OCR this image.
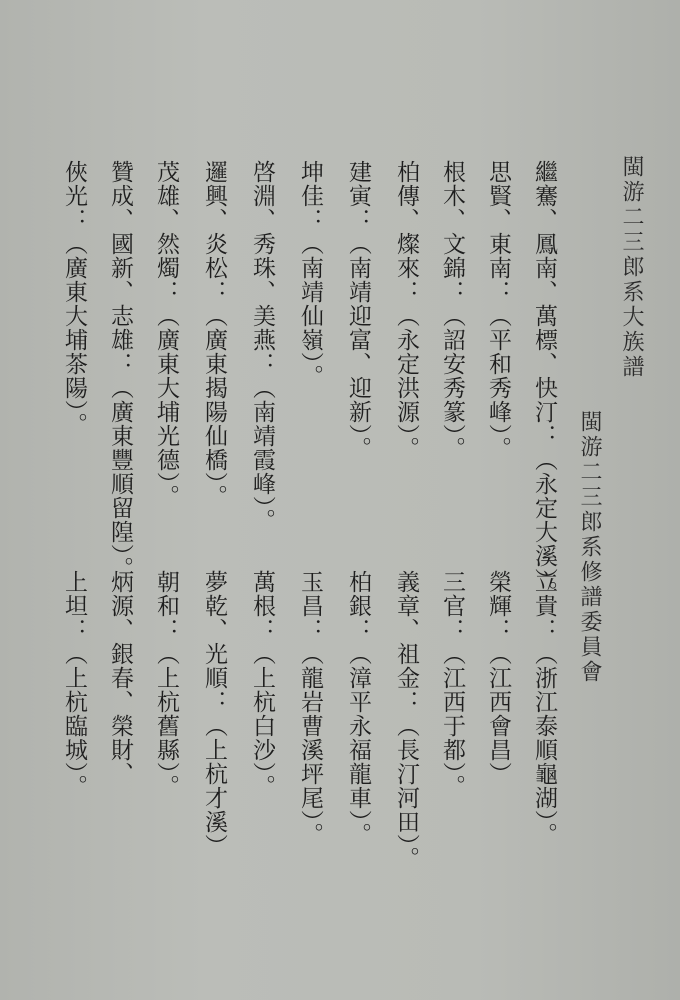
閩游二三郎系大族譜
閩游二三郎系修譜委員會
繼騫、鳳南、萬標、快汀：（永定大溪）。
思賢、東南：（平和秀峰）。
根木、文錦：（詔安秀篆）。
柏傳、燦來：（永定洪源）。
建寅：（南靖迎富、迎新）。
坤佳：（南靖仙嶺）。
啓淵、秀珠、美燕：（南靖霞峰）。
邏興、炎松：（廣東揭陽仙橋）。
茂雄、然燭：（廣東大埔光德）。
贊成、國新、志雄：（廣東豐順留隍）。
俠光：（廣東大埔茶陽）。
立貴：（浙江泰順龜湖）。
榮輝：（江西會昌）
三官：（江西于都）。
義章、祖金：（長汀河田）。
柏銀：（漳平永福龍車）。
玉昌：（龍岩曹溪坪尾）。
萬根：（上杭白沙）。
夢乾、光順：（上杭才溪）
朝和：（上杭舊縣）。
炳源、銀春、榮財、
上坦：（上杭臨城）。
